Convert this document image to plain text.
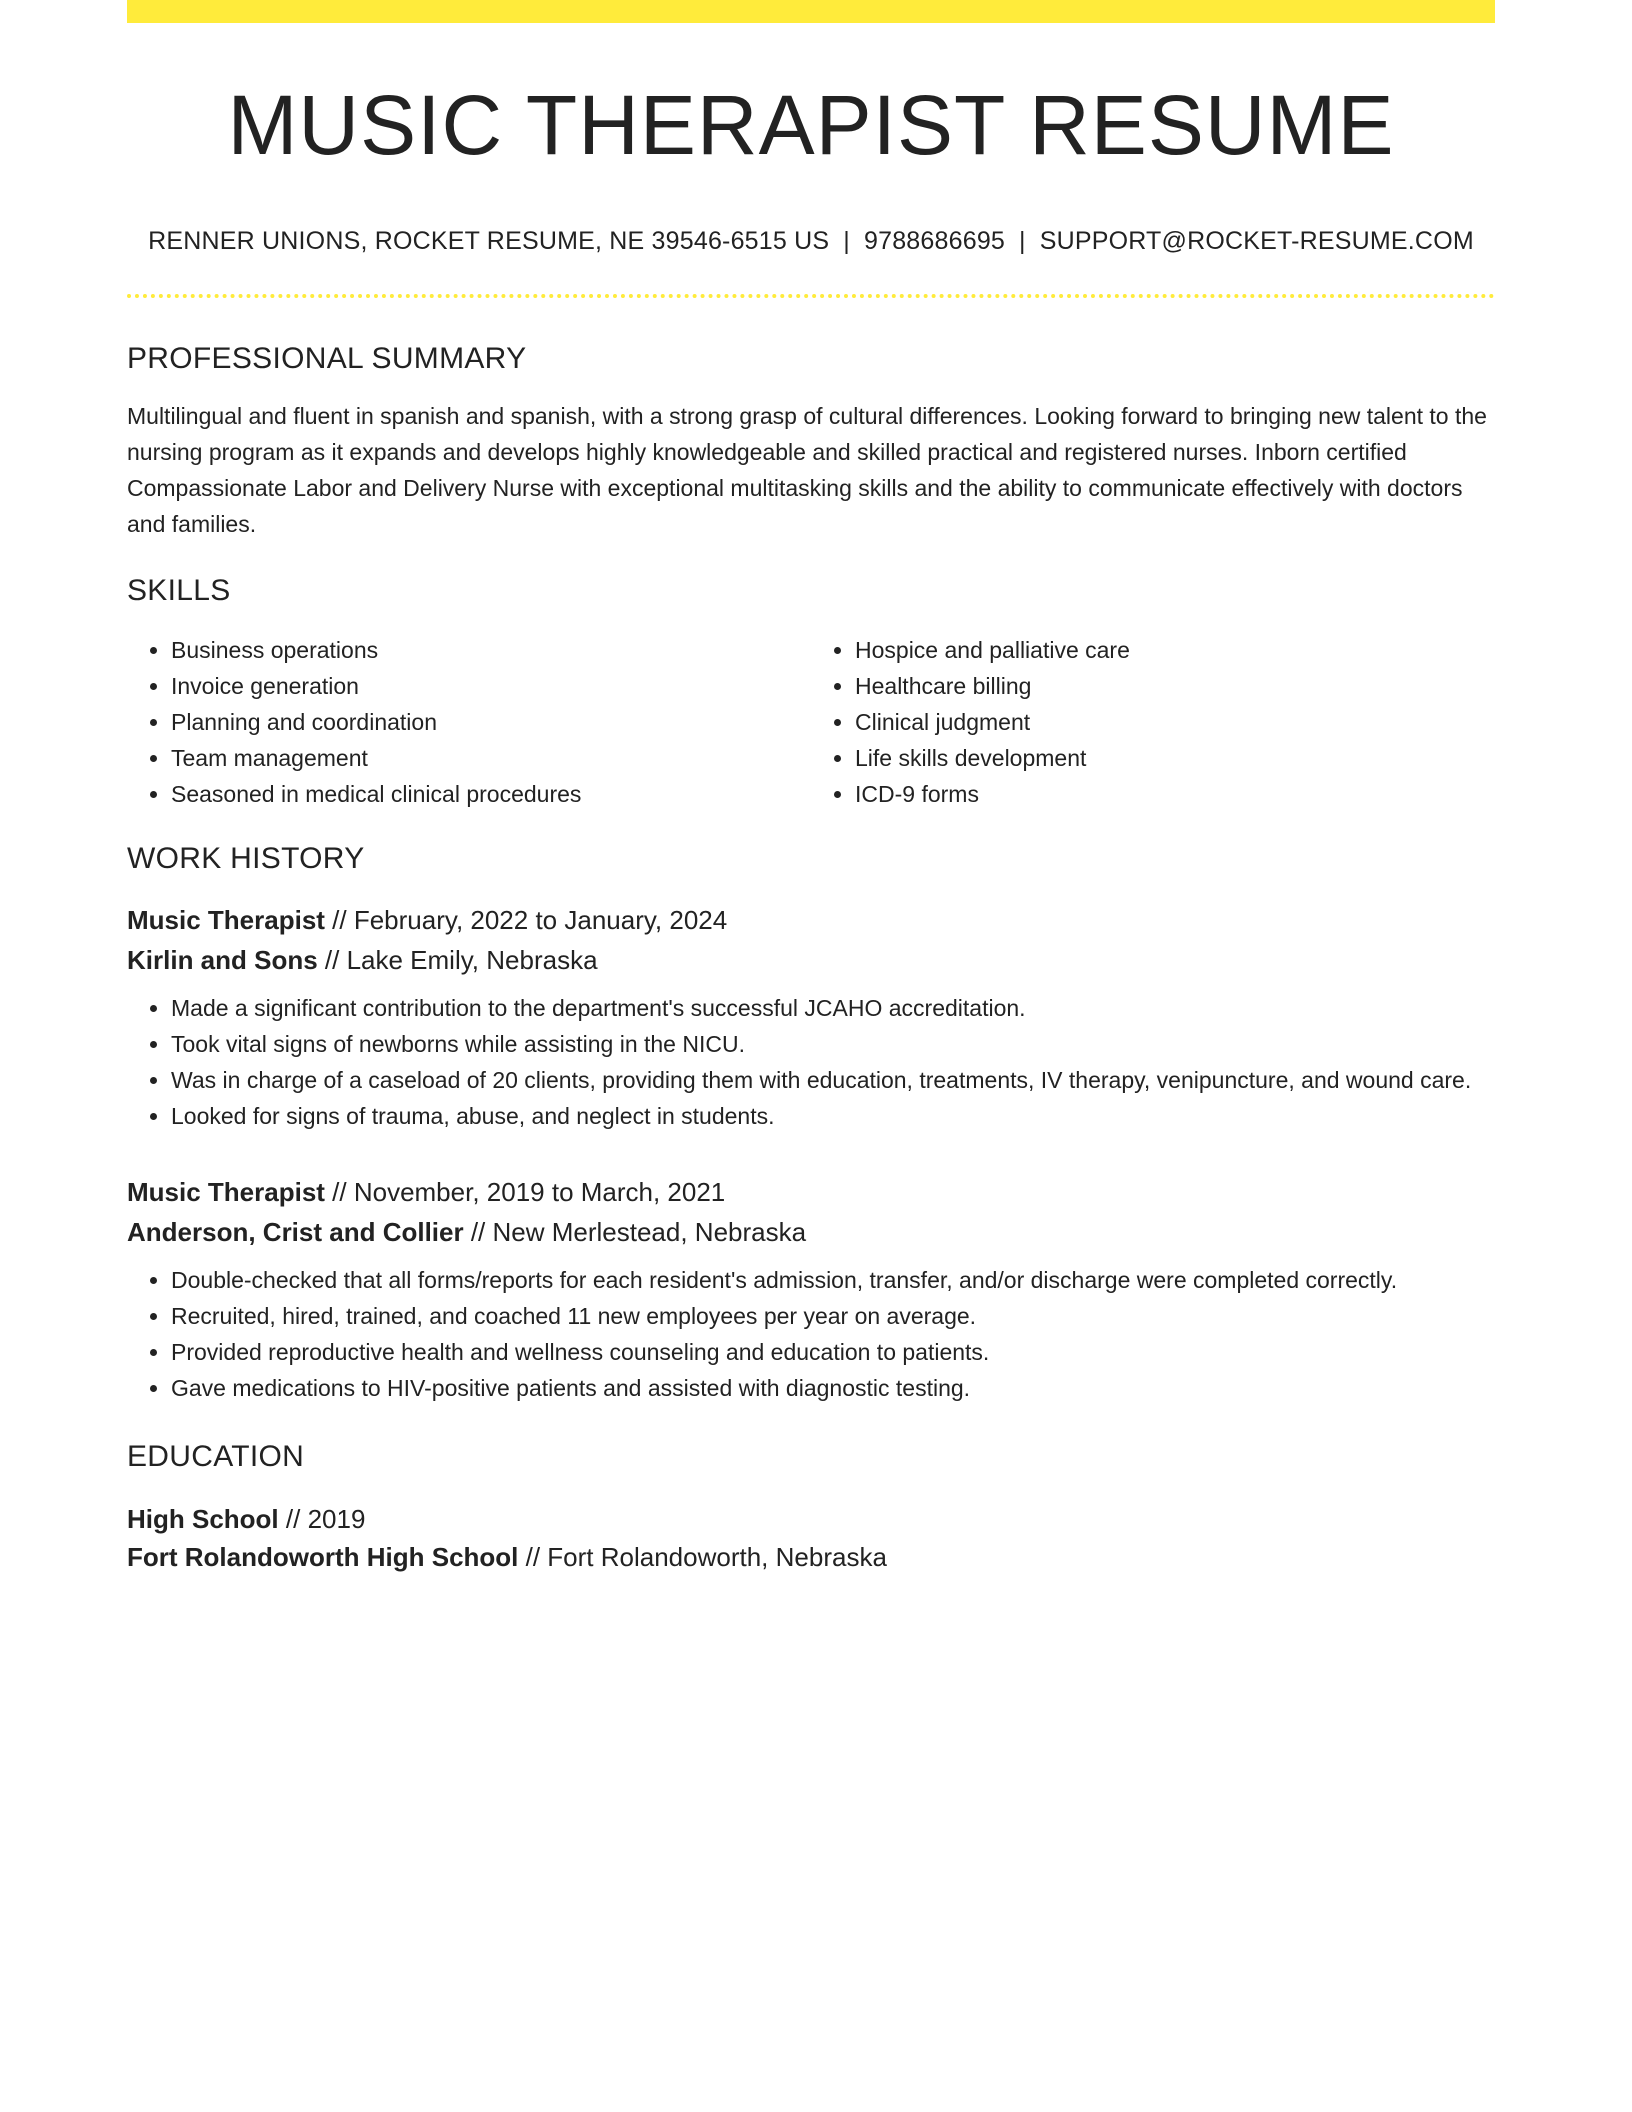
MUSIC THERAPIST RESUME
RENNER UNIONS, ROCKET RESUME, NE 39546-6515 US | 9788686695 | SUPPORT@ROCKET-RESUME.COM
PROFESSIONAL SUMMARY
Multilingual and fluent in spanish and spanish, with a strong grasp of cultural differences. Looking forward to bringing new talent to the nursing program as it expands and develops highly knowledgeable and skilled practical and registered nurses. Inborn certified Compassionate Labor and Delivery Nurse with exceptional multitasking skills and the ability to communicate effectively with doctors and families.
SKILLS
• Business operations
• Invoice generation
• Planning and coordination
• Team management
• Seasoned in medical clinical procedures
• Hospice and palliative care
• Healthcare billing
• Clinical judgment
• Life skills development
• ICD-9 forms
WORK HISTORY
Music Therapist // February, 2022 to January, 2024
Kirlin and Sons // Lake Emily, Nebraska
• Made a significant contribution to the department's successful JCAHO accreditation.
• Took vital signs of newborns while assisting in the NICU.
• Was in charge of a caseload of 20 clients, providing them with education, treatments, IV therapy, venipuncture, and wound care.
• Looked for signs of trauma, abuse, and neglect in students.
Music Therapist // November, 2019 to March, 2021
Anderson, Crist and Collier // New Merlestead, Nebraska
• Double-checked that all forms/reports for each resident's admission, transfer, and/or discharge were completed correctly.
• Recruited, hired, trained, and coached 11 new employees per year on average.
• Provided reproductive health and wellness counseling and education to patients.
• Gave medications to HIV-positive patients and assisted with diagnostic testing.
EDUCATION
High School // 2019
Fort Rolandoworth High School // Fort Rolandoworth, Nebraska
